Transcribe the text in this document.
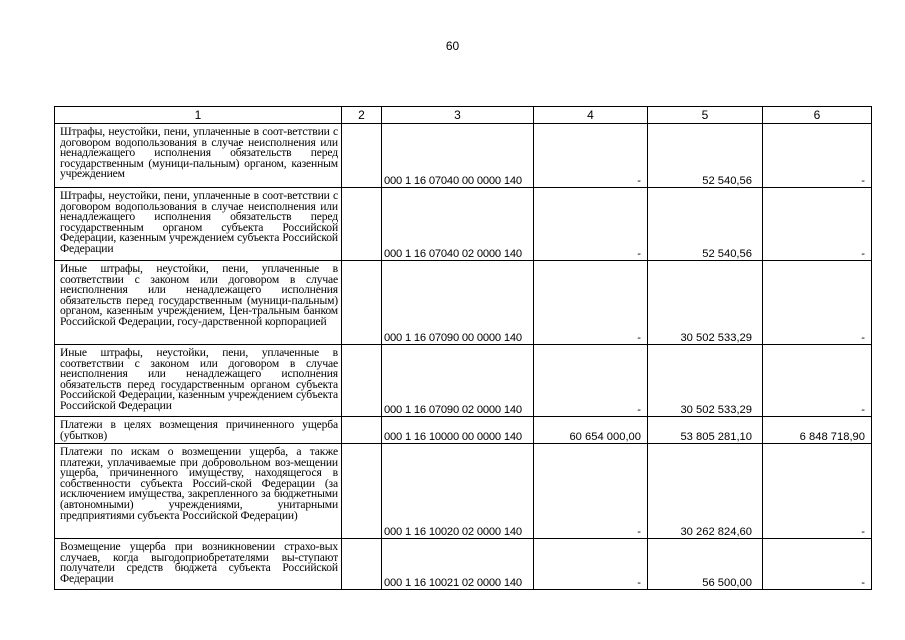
60
1	2	3	4	5	6
Штрафы, неустойки, пени, уплаченные в соот-ветствии с договором водопользования в случае неисполнения или ненадлежащего исполнения обязательств перед государственным (муници-пальным) органом, казенным учреждением		000 1 16 07040 00 0000 140	-	52 540,56	-
Штрафы, неустойки, пени, уплаченные в соот-ветствии с договором водопользования в случае неисполнения или ненадлежащего исполнения обязательств перед государственным органом субъекта Российской Федерации, казенным учреждением субъекта Российской Федерации		000 1 16 07040 02 0000 140	-	52 540,56	-
Иные штрафы, неустойки, пени, уплаченные в соответствии с законом или договором в случае неисполнения или ненадлежащего исполнения обязательств перед государственным (муници-пальным) органом, казенным учреждением, Цен-тральным банком Российской Федерации, госу-дарственной корпорацией		000 1 16 07090 00 0000 140	-	30 502 533,29	-
Иные штрафы, неустойки, пени, уплаченные в соответствии с законом или договором в случае неисполнения или ненадлежащего исполнения обязательств перед государственным органом субъекта Российской Федерации, казенным учреждением субъекта Российской Федерации		000 1 16 07090 02 0000 140	-	30 502 533,29	-
Платежи в целях возмещения причиненного ущерба (убытков)		000 1 16 10000 00 0000 140	60 654 000,00	53 805 281,10	6 848 718,90
Платежи по искам о возмещении ущерба, а также платежи, уплачиваемые при добровольном воз-мещении ущерба, причиненного имуществу, находящегося в собственности субъекта Россий-ской Федерации (за исключением имущества, закрепленного за бюджетными (автономными) учреждениями, унитарными предприятиями субъекта Российской Федерации)		000 1 16 10020 02 0000 140	-	30 262 824,60	-
Возмещение ущерба при возникновении страхо-вых случаев, когда выгодоприобретателями вы-ступают получатели средств бюджета субъекта Российской Федерации		000 1 16 10021 02 0000 140	-	56 500,00	-
